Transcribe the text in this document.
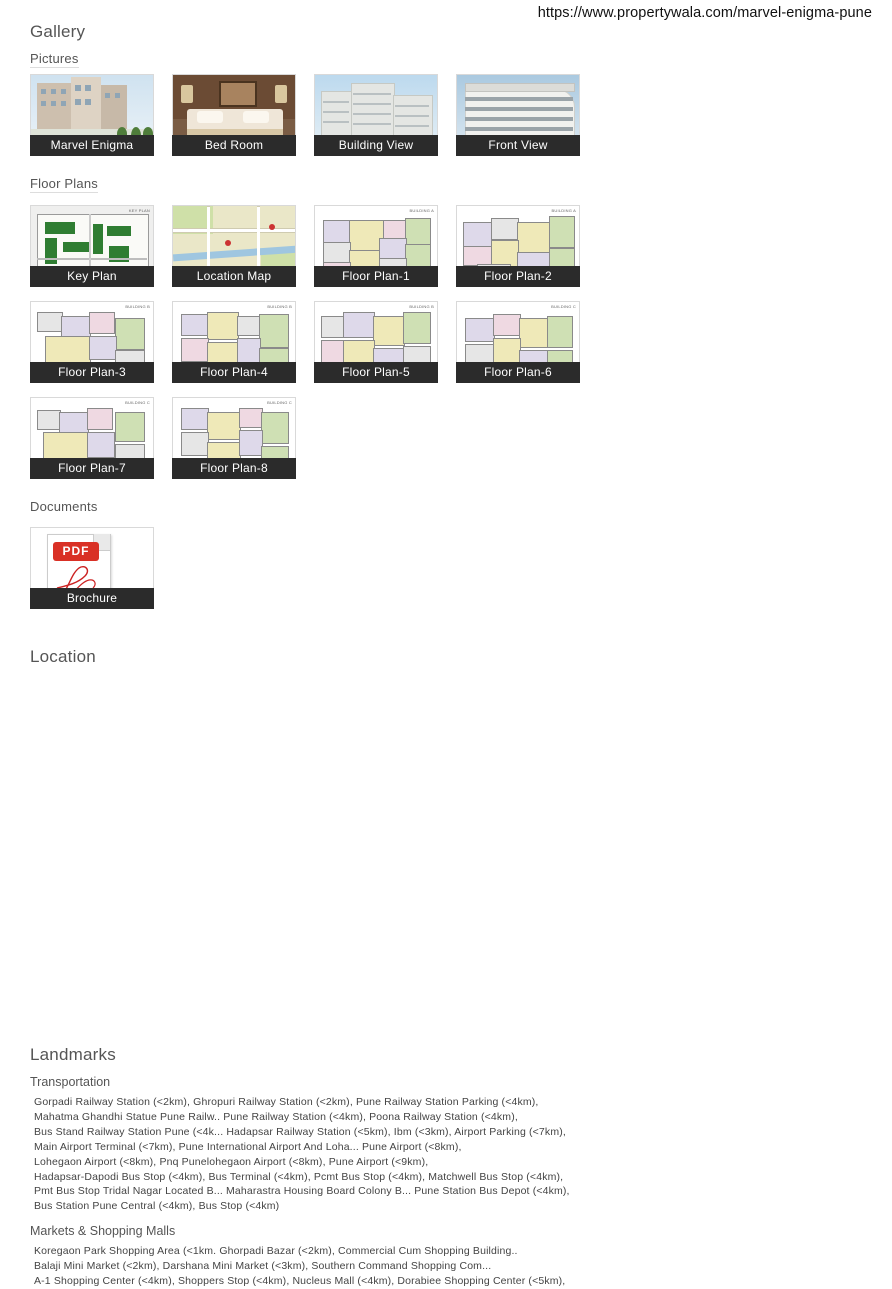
https://www.propertywala.com/marvel-enigma-pune
Gallery
Pictures
Marvel Enigma	Bed Room	Building View	Front View
Floor Plans
KEY PLAN
Key Plan	Location Map
BUILDING A
Floor Plan-1
BUILDING A
Floor Plan-2
BUILDING B
Floor Plan-3
BUILDING B
Floor Plan-4
BUILDING B
Floor Plan-5
BUILDING C
Floor Plan-6
BUILDING C
Floor Plan-7
BUILDING C
Floor Plan-8
Documents
PDF
Brochure
Location
Landmarks
Transportation
Gorpadi Railway Station (<2km), Ghropuri Railway Station (<2km), Pune Railway Station Parking (<4km),
Mahatma Ghandhi Statue Pune Railw.. Pune Railway Station (<4km), Poona Railway Station (<4km),
Bus Stand Railway Station Pune (<4k... Hadapsar Railway Station (<5km), Ibm (<3km), Airport Parking (<7km),
Main Airport Terminal (<7km), Pune International Airport And Loha... Pune Airport (<8km),
Lohegaon Airport (<8km), Pnq Punelohegaon Airport (<8km), Pune Airport (<9km),
Hadapsar-Dapodi Bus Stop (<4km), Bus Terminal (<4km), Pcmt Bus Stop (<4km), Matchwell Bus Stop (<4km),
Pmt Bus Stop Tridal Nagar Located B... Maharastra Housing Board Colony B... Pune Station Bus Depot (<4km),
Bus Station Pune Central (<4km), Bus Stop (<4km)
Markets & Shopping Malls
Koregaon Park Shopping Area (<1km. Ghorpadi Bazar (<2km), Commercial Cum Shopping Building..
Balaji Mini Market (<2km), Darshana Mini Market (<3km), Southern Command Shopping Com...
A-1 Shopping Center (<4km), Shoppers Stop (<4km), Nucleus Mall (<4km), Dorabiee Shopping Center (<5km),
